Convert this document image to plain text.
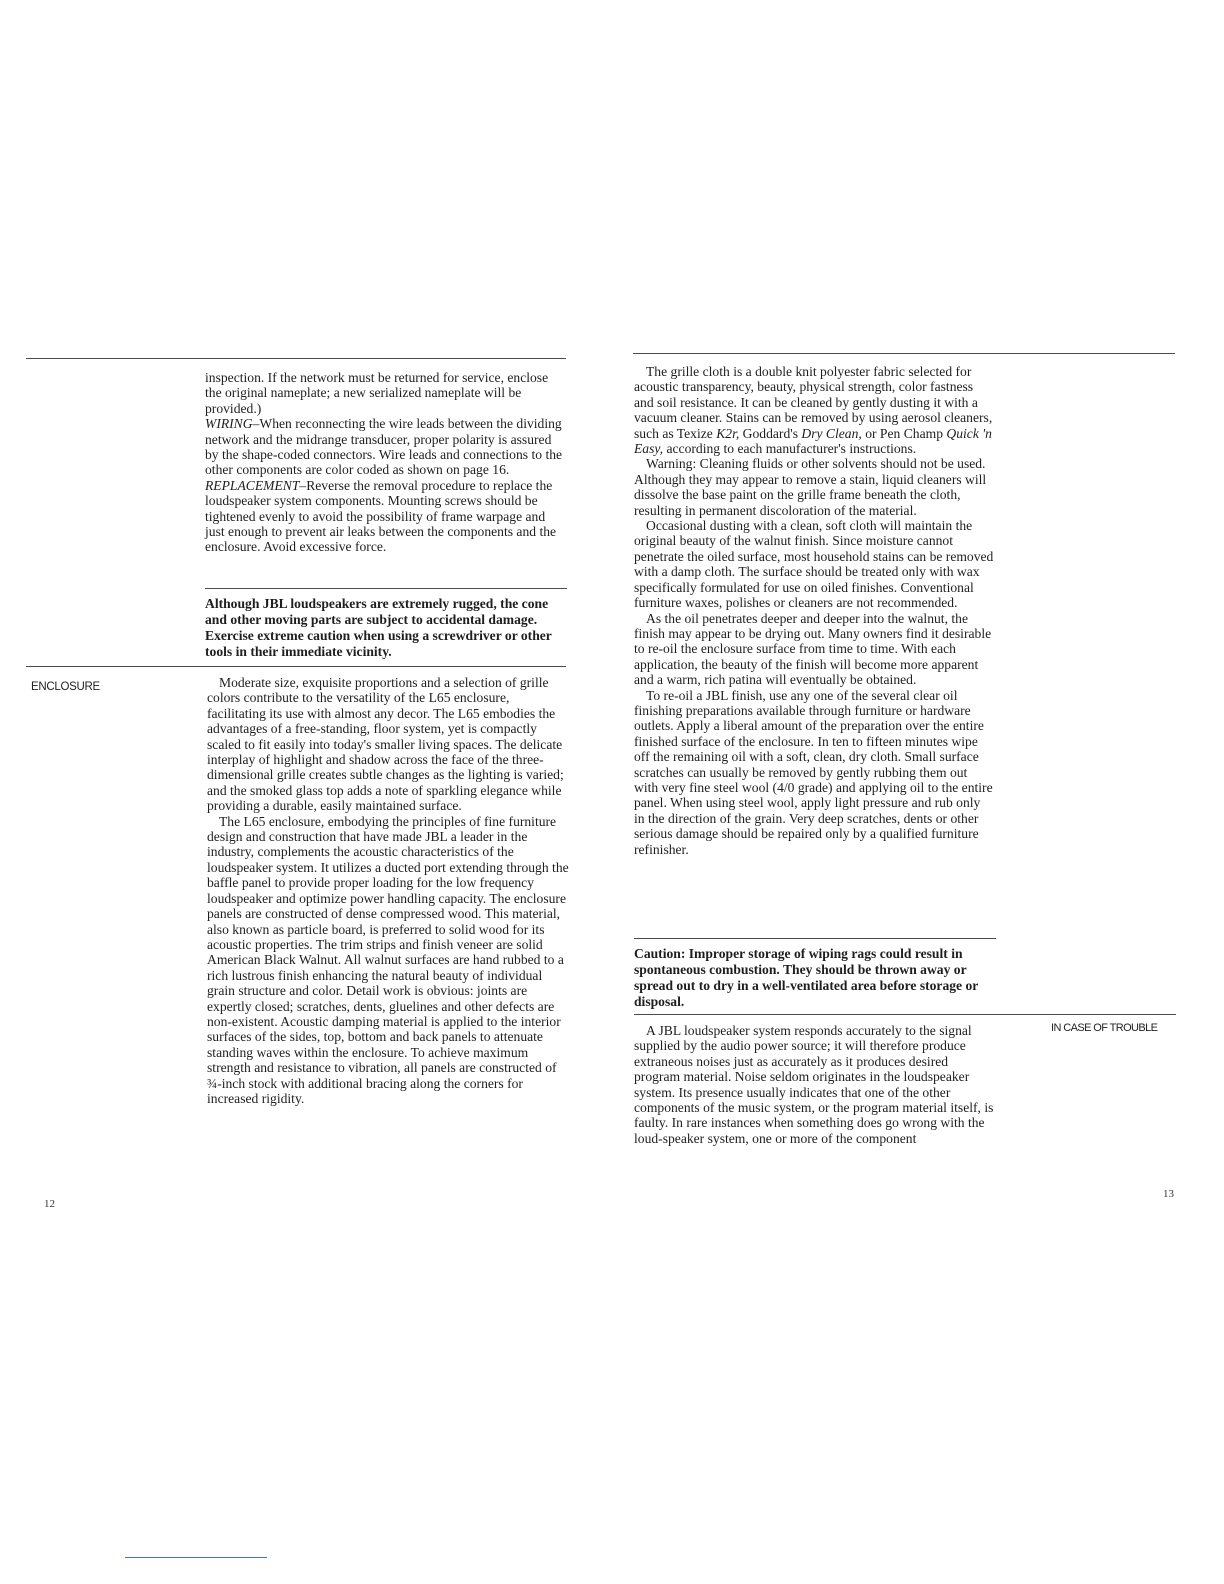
inspection. If the network must be returned for service, enclose the original nameplate; a new serialized nameplate will be provided.)

WIRING–When reconnecting the wire leads between the dividing network and the midrange transducer, proper polarity is assured by the shape-coded connectors. Wire leads and connections to the other components are color coded as shown on page 16.

REPLACEMENT–Reverse the removal procedure to replace the loudspeaker system components. Mounting screws should be tightened evenly to avoid the possibility of frame warpage and just enough to prevent air leaks between the components and the enclosure. Avoid excessive force.

Although JBL loudspeakers are extremely rugged, the cone and other moving parts are subject to accidental damage. Exercise extreme caution when using a screwdriver or other tools in their immediate vicinity.
ENCLOSURE	Moderate size, exquisite proportions and a selection of grille colors contribute to the versatility of the L65 enclosure, facilitating its use with almost any decor. The L65 embodies the advantages of a free-standing, floor system, yet is compactly scaled to fit easily into today's smaller living spaces. The delicate interplay of highlight and shadow across the face of the three-dimensional grille creates subtle changes as the lighting is varied; and the smoked glass top adds a note of sparkling elegance while providing a durable, easily maintained surface.

The L65 enclosure, embodying the principles of fine furniture design and construction that have made JBL a leader in the industry, complements the acoustic characteristics of the loudspeaker system. It utilizes a ducted port extending through the baffle panel to provide proper loading for the low frequency loudspeaker and optimize power handling capacity. The enclosure panels are constructed of dense compressed wood. This material, also known as particle board, is preferred to solid wood for its acoustic properties. The trim strips and finish veneer are solid American Black Walnut. All walnut surfaces are hand rubbed to a rich lustrous finish enhancing the natural beauty of individual grain structure and color. Detail work is obvious: joints are expertly closed; scratches, dents, gluelines and other defects are non-existent. Acoustic damping material is applied to the interior surfaces of the sides, top, bottom and back panels to attenuate standing waves within the enclosure. To achieve maximum strength and resistance to vibration, all panels are constructed of ¾-inch stock with additional bracing along the corners for increased rigidity.

12

The grille cloth is a double knit polyester fabric selected for acoustic transparency, beauty, physical strength, color fastness and soil resistance. It can be cleaned by gently dusting it with a vacuum cleaner. Stains can be removed by using aerosol cleaners, such as Texize K2r, Goddard's Dry Clean, or Pen Champ Quick 'n Easy, according to each manufacturer's instructions.

Warning: Cleaning fluids or other solvents should not be used. Although they may appear to remove a stain, liquid cleaners will dissolve the base paint on the grille frame beneath the cloth, resulting in permanent discoloration of the material.

Occasional dusting with a clean, soft cloth will maintain the original beauty of the walnut finish. Since moisture cannot penetrate the oiled surface, most household stains can be removed with a damp cloth. The surface should be treated only with wax specifically formulated for use on oiled finishes. Conventional furniture waxes, polishes or cleaners are not recommended.

As the oil penetrates deeper and deeper into the walnut, the finish may appear to be drying out. Many owners find it desirable to re-oil the enclosure surface from time to time. With each application, the beauty of the finish will become more apparent and a warm, rich patina will eventually be obtained.

To re-oil a JBL finish, use any one of the several clear oil finishing preparations available through furniture or hardware outlets. Apply a liberal amount of the preparation over the entire finished surface of the enclosure. In ten to fifteen minutes wipe off the remaining oil with a soft, clean, dry cloth. Small surface scratches can usually be removed by gently rubbing them out with very fine steel wool (4/0 grade) and applying oil to the entire panel. When using steel wool, apply light pressure and rub only in the direction of the grain. Very deep scratches, dents or other serious damage should be repaired only by a qualified furniture refinisher.

Caution: Improper storage of wiping rags could result in spontaneous combustion. They should be thrown away or spread out to dry in a well-ventilated area before storage or disposal.

A JBL loudspeaker system responds accurately to the signal supplied by the audio power source; it will therefore produce extraneous noises just as accurately as it produces desired program material. Noise seldom originates in the loudspeaker system. Its presence usually indicates that one of the other components of the music system, or the program material itself, is faulty. In rare instances when something does go wrong with the loud-speaker system, one or more of the component

IN CASE OF TROUBLE
13
